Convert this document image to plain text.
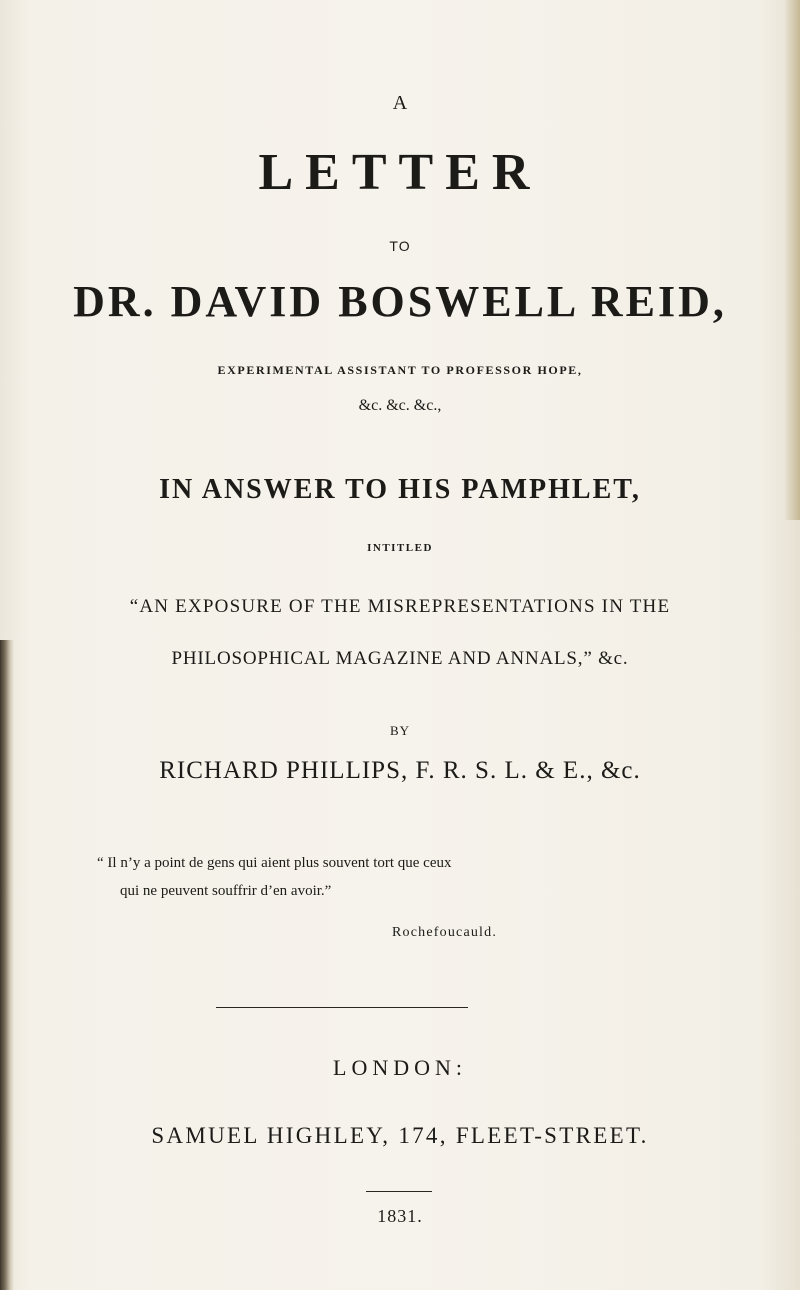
A
LETTER
TO
DR. DAVID BOSWELL REID,
EXPERIMENTAL ASSISTANT TO PROFESSOR HOPE,
&c. &c. &c.,
IN ANSWER TO HIS PAMPHLET,
INTITLED
“AN EXPOSURE OF THE MISREPRESENTATIONS IN THE
PHILOSOPHICAL MAGAZINE AND ANNALS,” &c.
BY
RICHARD PHILLIPS, F. R. S. L. & E., &c.
“ Il n’y a point de gens qui aient plus souvent tort que ceux
qui ne peuvent souffrir d’en avoir.”
Rochefoucauld.
LONDON:
SAMUEL HIGHLEY, 174, FLEET-STREET.
1831.
